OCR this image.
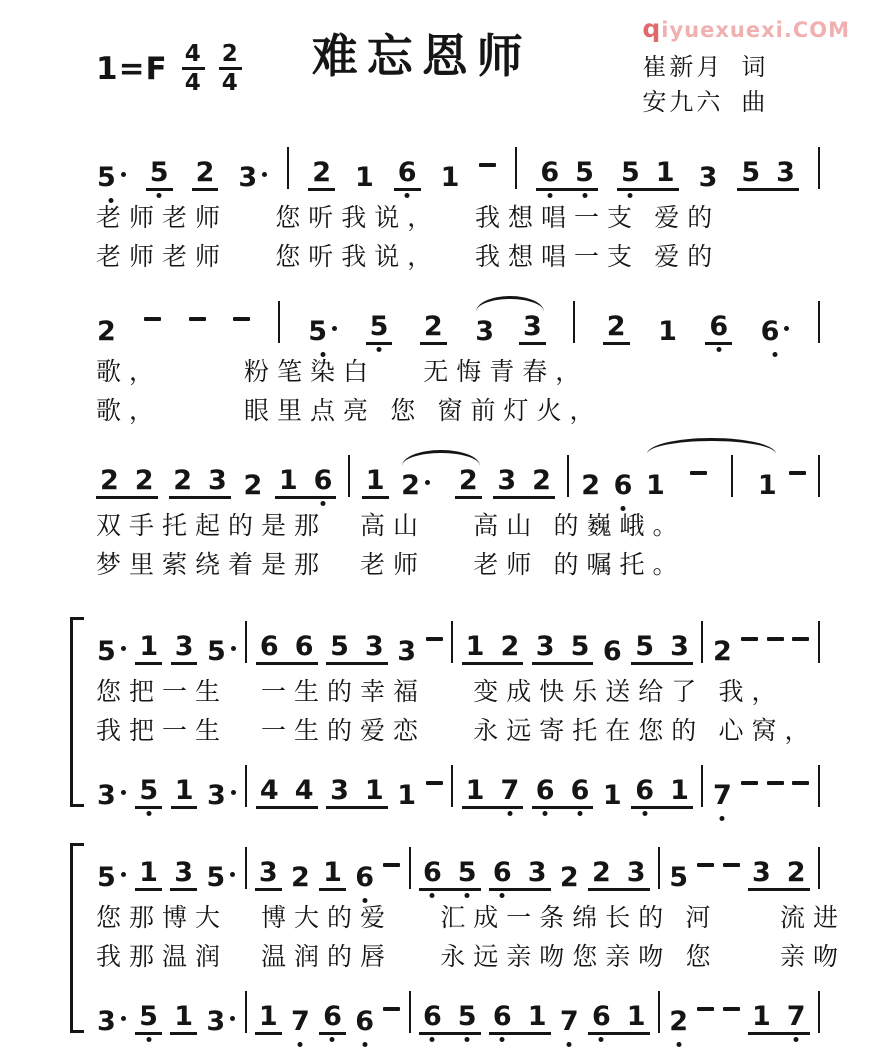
$1=F \frac{4}{4} \frac{2}{4}$ 难忘恩师
qiyuexuexi.COM
崔新月  词
安九六  曲
5	5 2 3	2 1 6 1	6 5 5 1 3 5 3
老师老师　 您听我说，　 我想唱一支 爱的
老师老师　 您听我说，　 我想唱一支 爱的
2	5	5 2 3 3 2 1 6 6
歌，　　  粉笔染白　 无悔青春，
歌，　　  眼里点亮 您 窗前灯火，
2 2 2 3 2 1 6 1 2	2 3 2 2 6 1	1
双手托起的是那　高山　 高山 的巍峨。
梦里萦绕着是那　老师　 老师 的嘱托。
5 1 3 5	6 6 5 3 3 1 2 3 5 6 5 3 2
您把一生　一生的幸福　 变成快乐送给了 我，
我把一生　一生的爱恋　 永远寄托在您的 心窝，
3 5 1 3	4 4 3 1 1 1 7 6 6 1 6 1 7
5 1 3 5	3 2 1 6 6 5 6 3 2 2 3 5 3 2
您那博大　博大的爱　 汇成一条绵长的 河　  流进
我那温润　温润的唇　 永远亲吻您亲吻 您　  亲吻
3 5 1 3	1 7 6 6 6 5 6 1 7 6 1 2 1 7
